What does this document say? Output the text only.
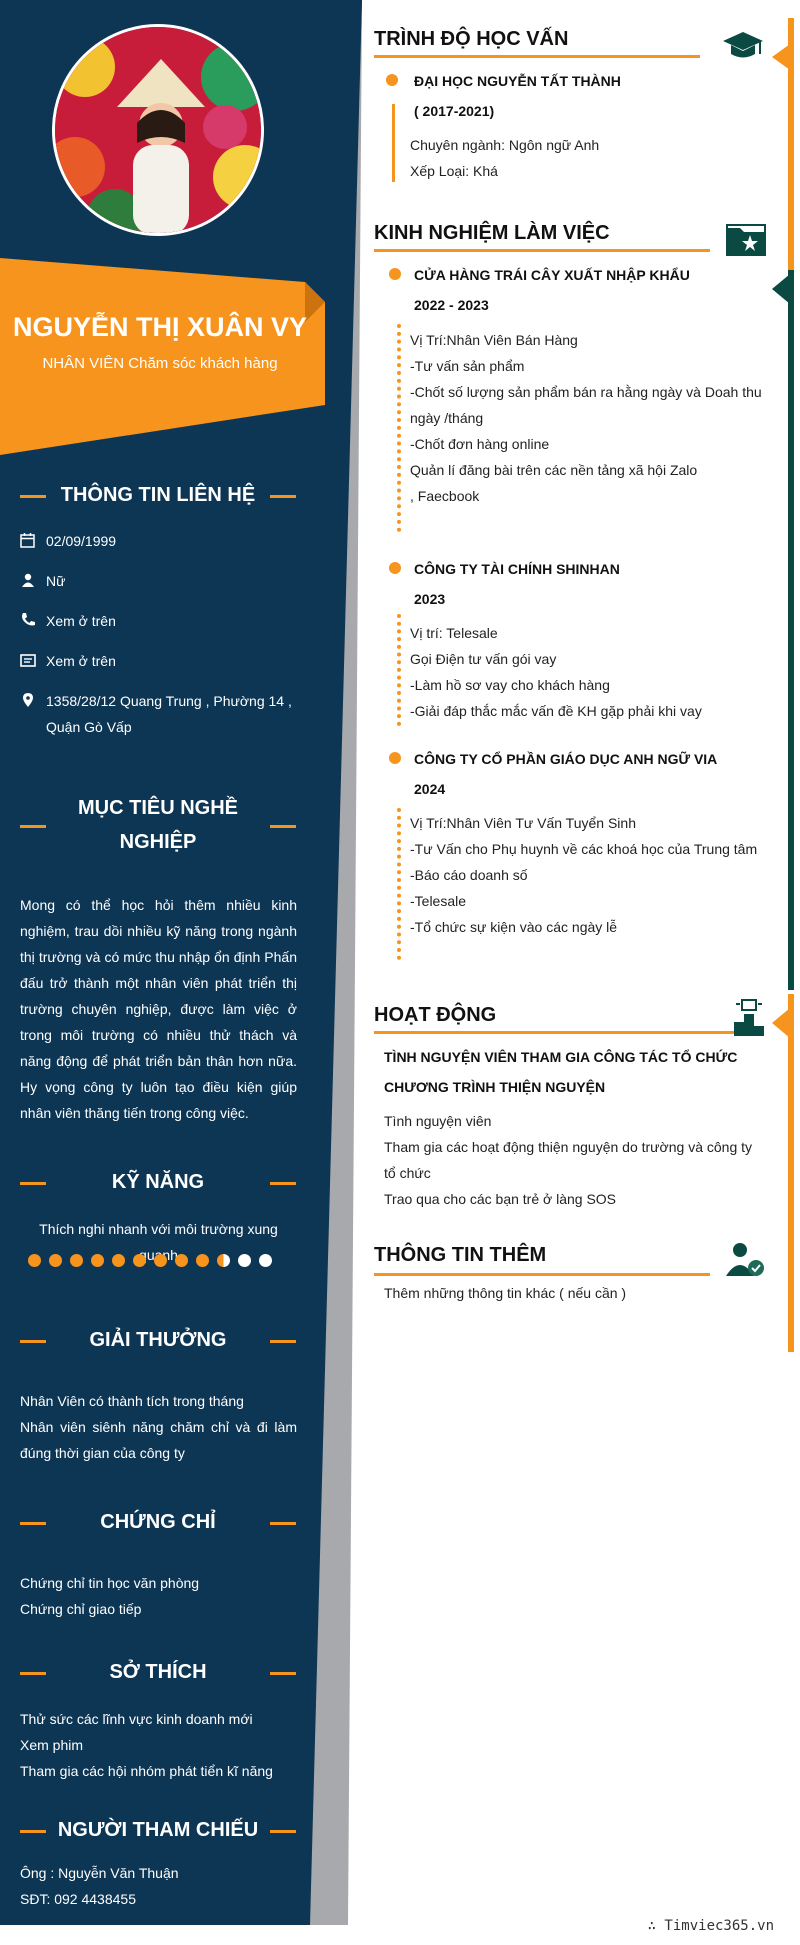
NGUYỄN THỊ XUÂN VY
NHÂN VIÊN Chăm sóc khách hàng
THÔNG TIN LIÊN HỆ
02/09/1999
Nữ
Xem ở trên
Xem ở trên
1358/28/12 Quang Trung , Phường 14 ,
Quận Gò Vấp
MỤC TIÊU NGHỀ
NGHIỆP
Mong có thể học hỏi thêm nhiều kinh nghiệm, trau dồi nhiều kỹ năng trong ngành thị trường và có mức thu nhập ổn định Phấn đấu trở thành một nhân viên phát triển thị trường chuyên nghiệp, được làm việc ở trong môi trường có nhiều thử thách và năng động để phát triển bản thân hơn nữa. Hy vọng công ty luôn tạo điều kiện giúp nhân viên thăng tiến trong công việc.
KỸ NĂNG
Thích nghi nhanh với môi trường xung
GIẢI THƯỞNG
Nhân Viên có thành tích trong tháng
Nhân viên siênh năng chăm chỉ và đi làm đúng thời gian của công ty
CHỨNG CHỈ
Chứng chỉ tin học văn phòng
Chứng chỉ giao tiếp
SỞ THÍCH
Thử sức các lĩnh vực kinh doanh mới
Xem phim
Tham gia các hội nhóm phát tiển kĩ năng
NGƯỜI THAM CHIẾU
Ông : Nguyễn Văn Thuận
SĐT: 092 4438455
TRÌNH ĐỘ HỌC VẤN
ĐẠI HỌC NGUYỄN TẤT THÀNH
( 2017-2021)
Chuyên ngành: Ngôn ngữ Anh
Xếp Loại: Khá
KINH NGHIỆM LÀM VIỆC
CỬA HÀNG TRÁI CÂY XUẤT NHẬP KHẨU
2022 - 2023
Vị Trí:Nhân Viên Bán Hàng
-Tư vấn sản phẩm
-Chốt số lượng sản phẩm bán ra hằng ngày và Doah thu
ngày /tháng
-Chốt đơn hàng online
Quản lí đăng bài trên các nền tảng xã hội Zalo
, Faecbook
CÔNG TY TÀI CHÍNH SHINHAN
2023
Vị trí: Telesale
Gọi Điện tư vấn gói vay
-Làm hồ sơ vay cho khách hàng
-Giải đáp thắc mắc vấn đề KH gặp phải khi vay
CÔNG TY CỔ PHẦN GIÁO DỤC ANH NGỮ VIA
2024
Vị Trí:Nhân Viên Tư Vấn Tuyển Sinh
-Tư Vấn cho Phụ huynh về các khoá học của Trung tâm
-Báo cáo doanh số
-Telesale
-Tổ chức sự kiện vào các ngày lễ
HOẠT ĐỘNG
TÌNH NGUYỆN VIÊN THAM GIA CÔNG TÁC TỔ CHỨC
CHƯƠNG TRÌNH THIỆN NGUYỆN
Tình nguyện viên
Tham gia các hoạt động thiện nguyện do trường và công ty
tổ chức
Trao qua cho các bạn trẻ ở làng SOS
THÔNG TIN THÊM
Thêm những thông tin khác ( nếu cần )
∴ Timviec365.vn
